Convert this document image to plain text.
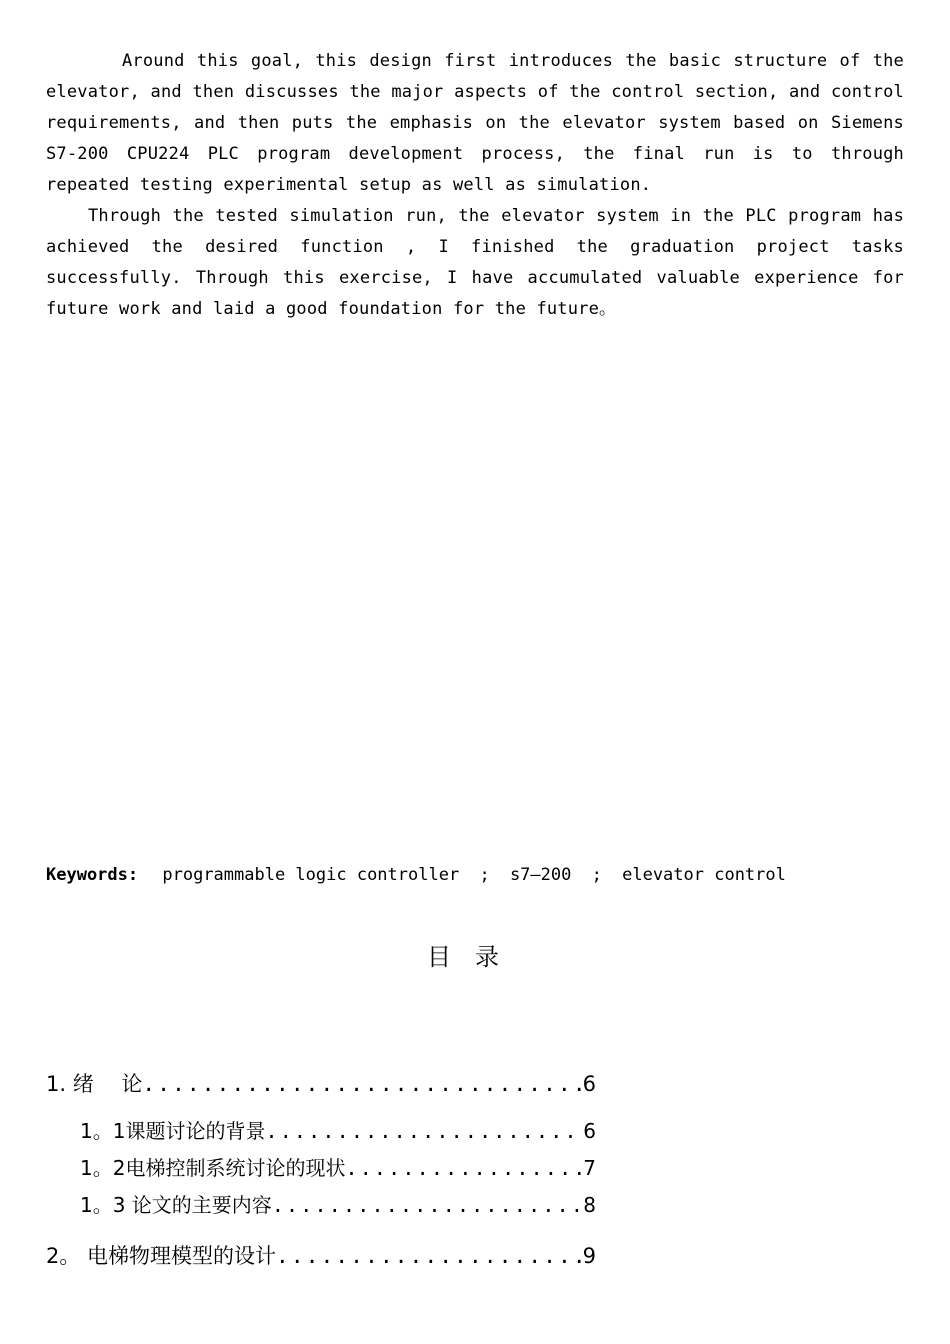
Around this goal, this design first introduces the basic structure of the elevator, and then discusses the major aspects of the control section, and control requirements, and then puts the emphasis on the elevator system based on Siemens S7-200 CPU224 PLC program development process, the final run is to through repeated testing experimental setup as well as simulation.

Through the tested simulation run, the elevator system in the PLC program has achieved the desired function , I finished the graduation project tasks successfully. Through this exercise, I have accumulated valuable experience for future work and laid a good foundation for the future。

Keywords: programmable logic controller ; s7—200 ; elevator control
目录
1. 绪　 论 .....	6
1。1课题讨论的背景 .....	6
1。2电梯控制系统讨论的现状 .....	7
1。3 论文的主要内容 .....	8
2。 电梯物理模型的设计 .....	9
